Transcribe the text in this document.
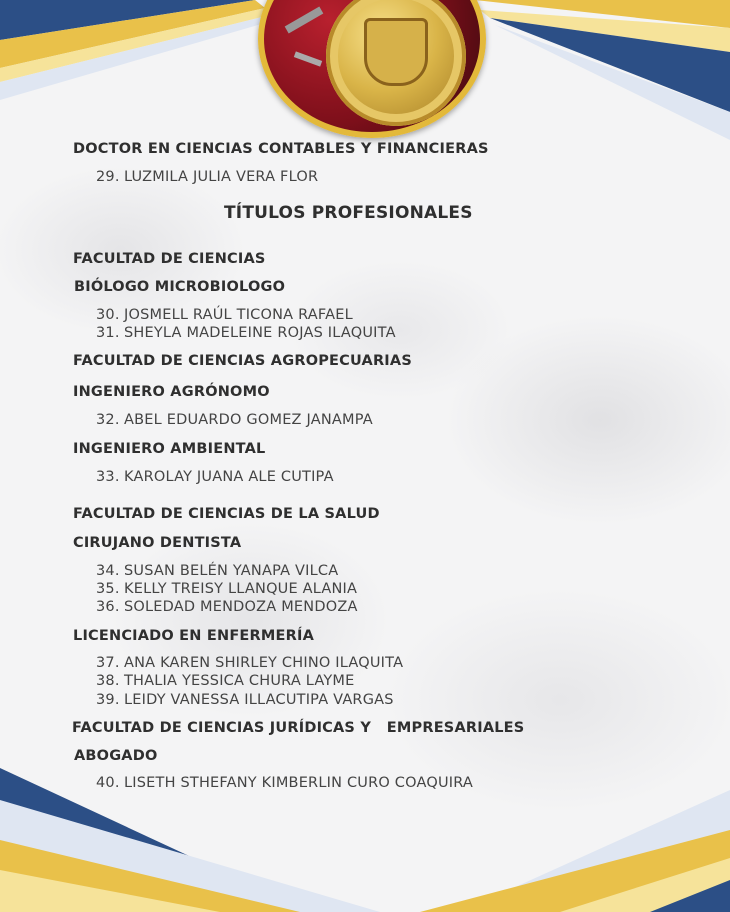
DOCTOR EN CIENCIAS CONTABLES Y FINANCIERAS
29. LUZMILA JULIA VERA FLOR
TÍTULOS PROFESIONALES
FACULTAD DE CIENCIAS
BIÓLOGO MICROBIOLOGO
30. JOSMELL RAÚL TICONA RAFAEL
31. SHEYLA MADELEINE ROJAS ILAQUITA
FACULTAD DE CIENCIAS AGROPECUARIAS
INGENIERO AGRÓNOMO
32. ABEL EDUARDO GOMEZ JANAMPA
INGENIERO AMBIENTAL
33. KAROLAY JUANA ALE CUTIPA
FACULTAD DE CIENCIAS DE LA SALUD
CIRUJANO DENTISTA
34. SUSAN BELÉN YANAPA VILCA
35. KELLY TREISY LLANQUE ALANIA
36. SOLEDAD MENDOZA MENDOZA
LICENCIADO EN ENFERMERÍA
37. ANA KAREN SHIRLEY CHINO ILAQUITA
38. THALIA YESSICA CHURA LAYME
39. LEIDY VANESSA ILLACUTIPA VARGAS
FACULTAD DE CIENCIAS JURÍDICAS Y   EMPRESARIALES
ABOGADO
40. LISETH STHEFANY KIMBERLIN CURO COAQUIRA
